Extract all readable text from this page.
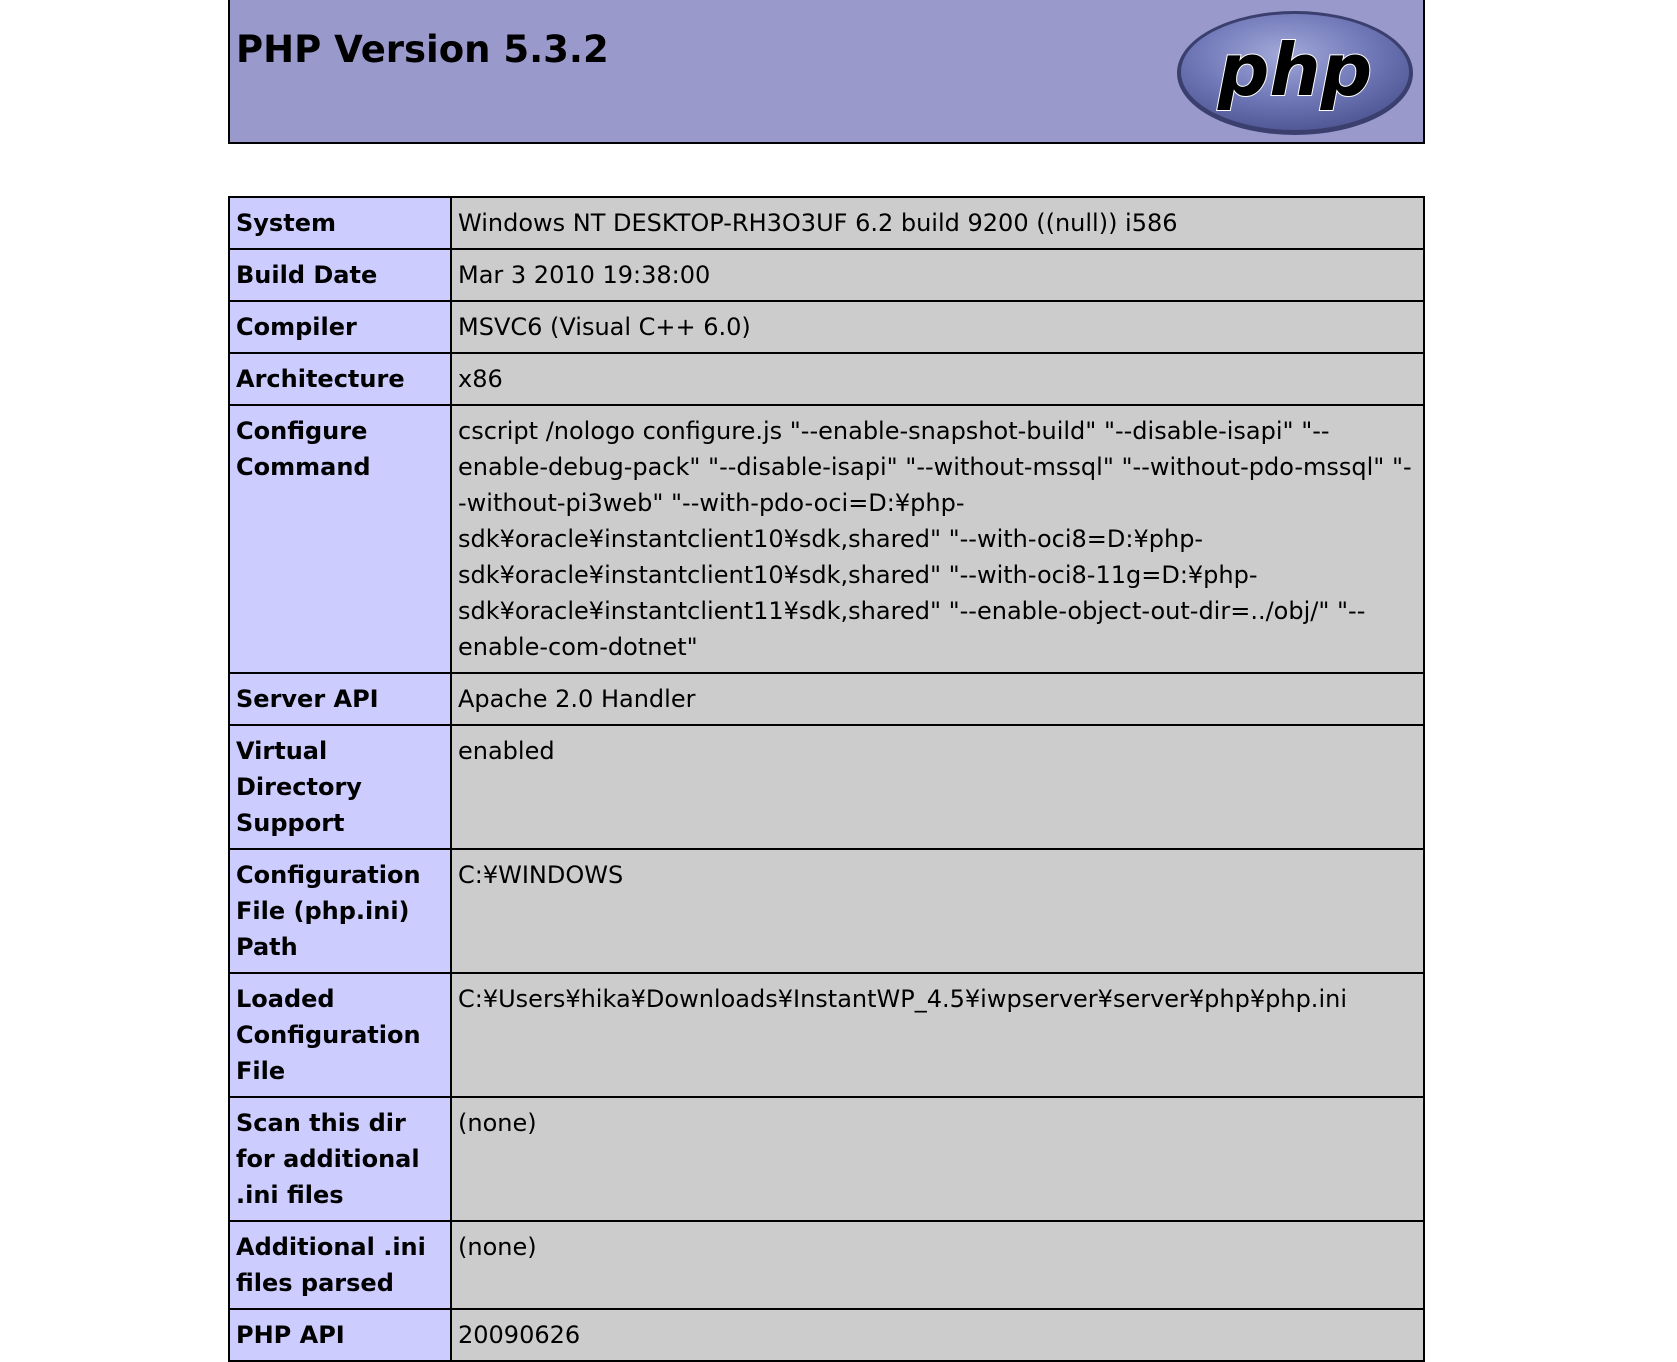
PHP Version 5.3.2	php
System	Windows NT DESKTOP-RH3O3UF 6.2 build 9200 ((null)) i586
Build Date	Mar 3 2010 19:38:00
Compiler	MSVC6 (Visual C++ 6.0)
Architecture	x86
Configure Command	cscript /nologo configure.js "--enable-snapshot-build" "--disable-isapi" "--enable-debug-pack" "--disable-isapi" "--without-mssql" "--without-pdo-mssql" "--without-pi3web" "--with-pdo-oci=D:¥php-sdk¥oracle¥instantclient10¥sdk,shared" "--with-oci8=D:¥php-sdk¥oracle¥instantclient10¥sdk,shared" "--with-oci8-11g=D:¥php-sdk¥oracle¥instantclient11¥sdk,shared" "--enable-object-out-dir=../obj/" "--enable-com-dotnet"
Server API	Apache 2.0 Handler
Virtual Directory Support	enabled
Configuration File (php.ini) Path	C:¥WINDOWS
Loaded Configuration File	C:¥Users¥hika¥Downloads¥InstantWP_4.5¥iwpserver¥server¥php¥php.ini
Scan this dir for additional .ini files	(none)
Additional .ini files parsed	(none)
PHP API	20090626
